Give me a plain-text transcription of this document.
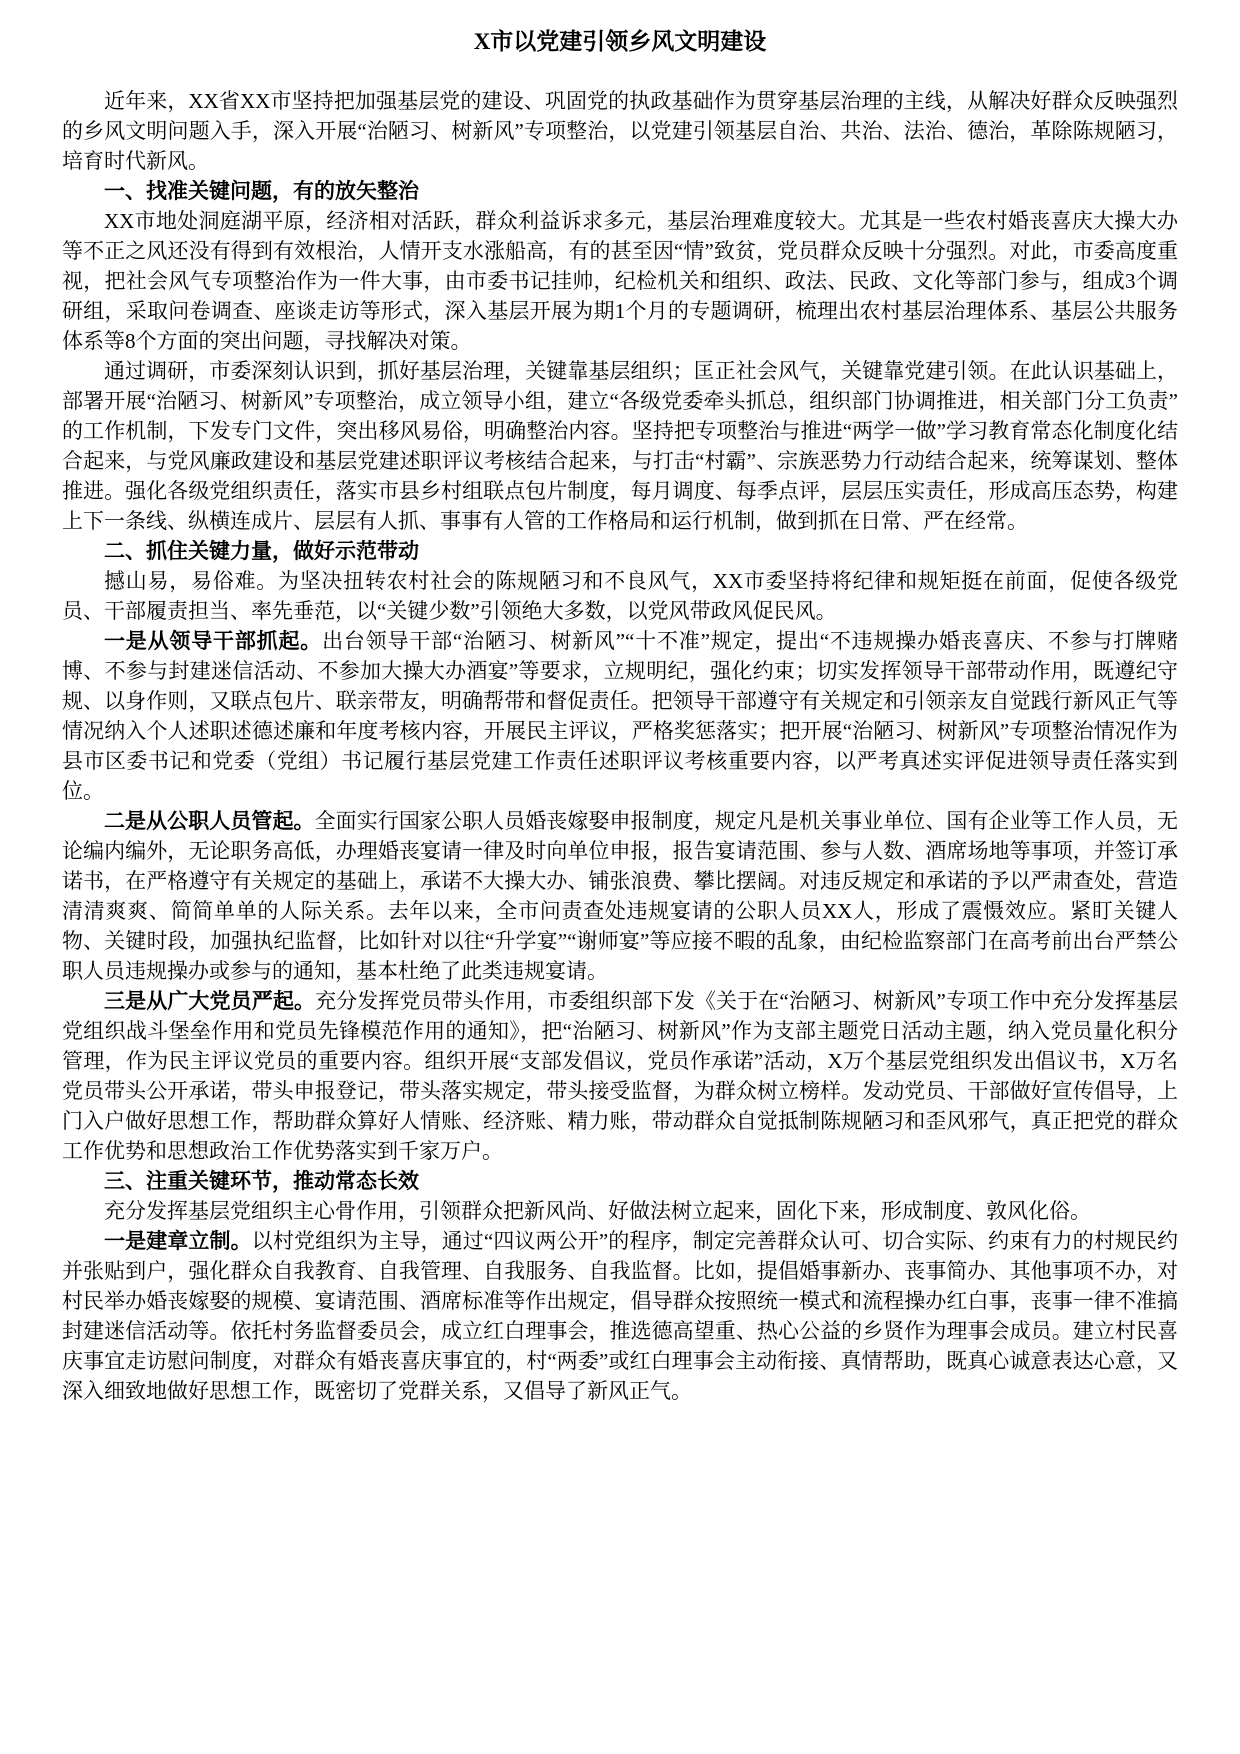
X市以党建引领乡风文明建设

近年来，XX省XX市坚持把加强基层党的建设、巩固党的执政基础作为贯穿基层治理的主线，从解决好群众反映强烈的乡风文明问题入手，深入开展“治陋习、树新风”专项整治，以党建引领基层自治、共治、法治、德治，革除陈规陋习，培育时代新风。

一、找准关键问题，有的放矢整治

XX市地处洞庭湖平原，经济相对活跃，群众利益诉求多元，基层治理难度较大。尤其是一些农村婚丧喜庆大操大办等不正之风还没有得到有效根治，人情开支水涨船高，有的甚至因“情”致贫，党员群众反映十分强烈。对此，市委高度重视，把社会风气专项整治作为一件大事，由市委书记挂帅，纪检机关和组织、政法、民政、文化等部门参与，组成3个调研组，采取问卷调查、座谈走访等形式，深入基层开展为期1个月的专题调研，梳理出农村基层治理体系、基层公共服务体系等8个方面的突出问题，寻找解决对策。

通过调研，市委深刻认识到，抓好基层治理，关键靠基层组织；匡正社会风气，关键靠党建引领。在此认识基础上，部署开展“治陋习、树新风”专项整治，成立领导小组，建立“各级党委牵头抓总，组织部门协调推进，相关部门分工负责”的工作机制，下发专门文件，突出移风易俗，明确整治内容。坚持把专项整治与推进“两学一做”学习教育常态化制度化结合起来，与党风廉政建设和基层党建述职评议考核结合起来，与打击“村霸”、宗族恶势力行动结合起来，统筹谋划、整体推进。强化各级党组织责任，落实市县乡村组联点包片制度，每月调度、每季点评，层层压实责任，形成高压态势，构建上下一条线、纵横连成片、层层有人抓、事事有人管的工作格局和运行机制，做到抓在日常、严在经常。

二、抓住关键力量，做好示范带动

撼山易，易俗难。为坚决扭转农村社会的陈规陋习和不良风气，XX市委坚持将纪律和规矩挺在前面，促使各级党员、干部履责担当、率先垂范，以“关键少数”引领绝大多数，以党风带政风促民风。

一是从领导干部抓起。出台领导干部“治陋习、树新风”“十不准”规定，提出“不违规操办婚丧喜庆、不参与打牌赌博、不参与封建迷信活动、不参加大操大办酒宴”等要求，立规明纪，强化约束；切实发挥领导干部带动作用，既遵纪守规、以身作则，又联点包片、联亲带友，明确帮带和督促责任。把领导干部遵守有关规定和引领亲友自觉践行新风正气等情况纳入个人述职述德述廉和年度考核内容，开展民主评议，严格奖惩落实；把开展“治陋习、树新风”专项整治情况作为县市区委书记和党委（党组）书记履行基层党建工作责任述职评议考核重要内容，以严考真述实评促进领导责任落实到位。

二是从公职人员管起。全面实行国家公职人员婚丧嫁娶申报制度，规定凡是机关事业单位、国有企业等工作人员，无论编内编外，无论职务高低，办理婚丧宴请一律及时向单位申报，报告宴请范围、参与人数、酒席场地等事项，并签订承诺书，在严格遵守有关规定的基础上，承诺不大操大办、铺张浪费、攀比摆阔。对违反规定和承诺的予以严肃查处，营造清清爽爽、简简单单的人际关系。去年以来，全市问责查处违规宴请的公职人员XX人，形成了震慑效应。紧盯关键人物、关键时段，加强执纪监督，比如针对以往“升学宴”“谢师宴”等应接不暇的乱象，由纪检监察部门在高考前出台严禁公职人员违规操办或参与的通知，基本杜绝了此类违规宴请。

三是从广大党员严起。充分发挥党员带头作用，市委组织部下发《关于在“治陋习、树新风”专项工作中充分发挥基层党组织战斗堡垒作用和党员先锋模范作用的通知》，把“治陋习、树新风”作为支部主题党日活动主题，纳入党员量化积分管理，作为民主评议党员的重要内容。组织开展“支部发倡议，党员作承诺”活动，X万个基层党组织发出倡议书，X万名党员带头公开承诺，带头申报登记，带头落实规定，带头接受监督，为群众树立榜样。发动党员、干部做好宣传倡导，上门入户做好思想工作，帮助群众算好人情账、经济账、精力账，带动群众自觉抵制陈规陋习和歪风邪气，真正把党的群众工作优势和思想政治工作优势落实到千家万户。

三、注重关键环节，推动常态长效

充分发挥基层党组织主心骨作用，引领群众把新风尚、好做法树立起来，固化下来，形成制度、敦风化俗。

一是建章立制。以村党组织为主导，通过“四议两公开”的程序，制定完善群众认可、切合实际、约束有力的村规民约并张贴到户，强化群众自我教育、自我管理、自我服务、自我监督。比如，提倡婚事新办、丧事简办、其他事项不办，对村民举办婚丧嫁娶的规模、宴请范围、酒席标准等作出规定，倡导群众按照统一模式和流程操办红白事，丧事一律不准搞封建迷信活动等。依托村务监督委员会，成立红白理事会，推选德高望重、热心公益的乡贤作为理事会成员。建立村民喜庆事宜走访慰问制度，对群众有婚丧喜庆事宜的，村“两委”或红白理事会主动衔接、真情帮助，既真心诚意表达心意，又深入细致地做好思想工作，既密切了党群关系，又倡导了新风正气。
